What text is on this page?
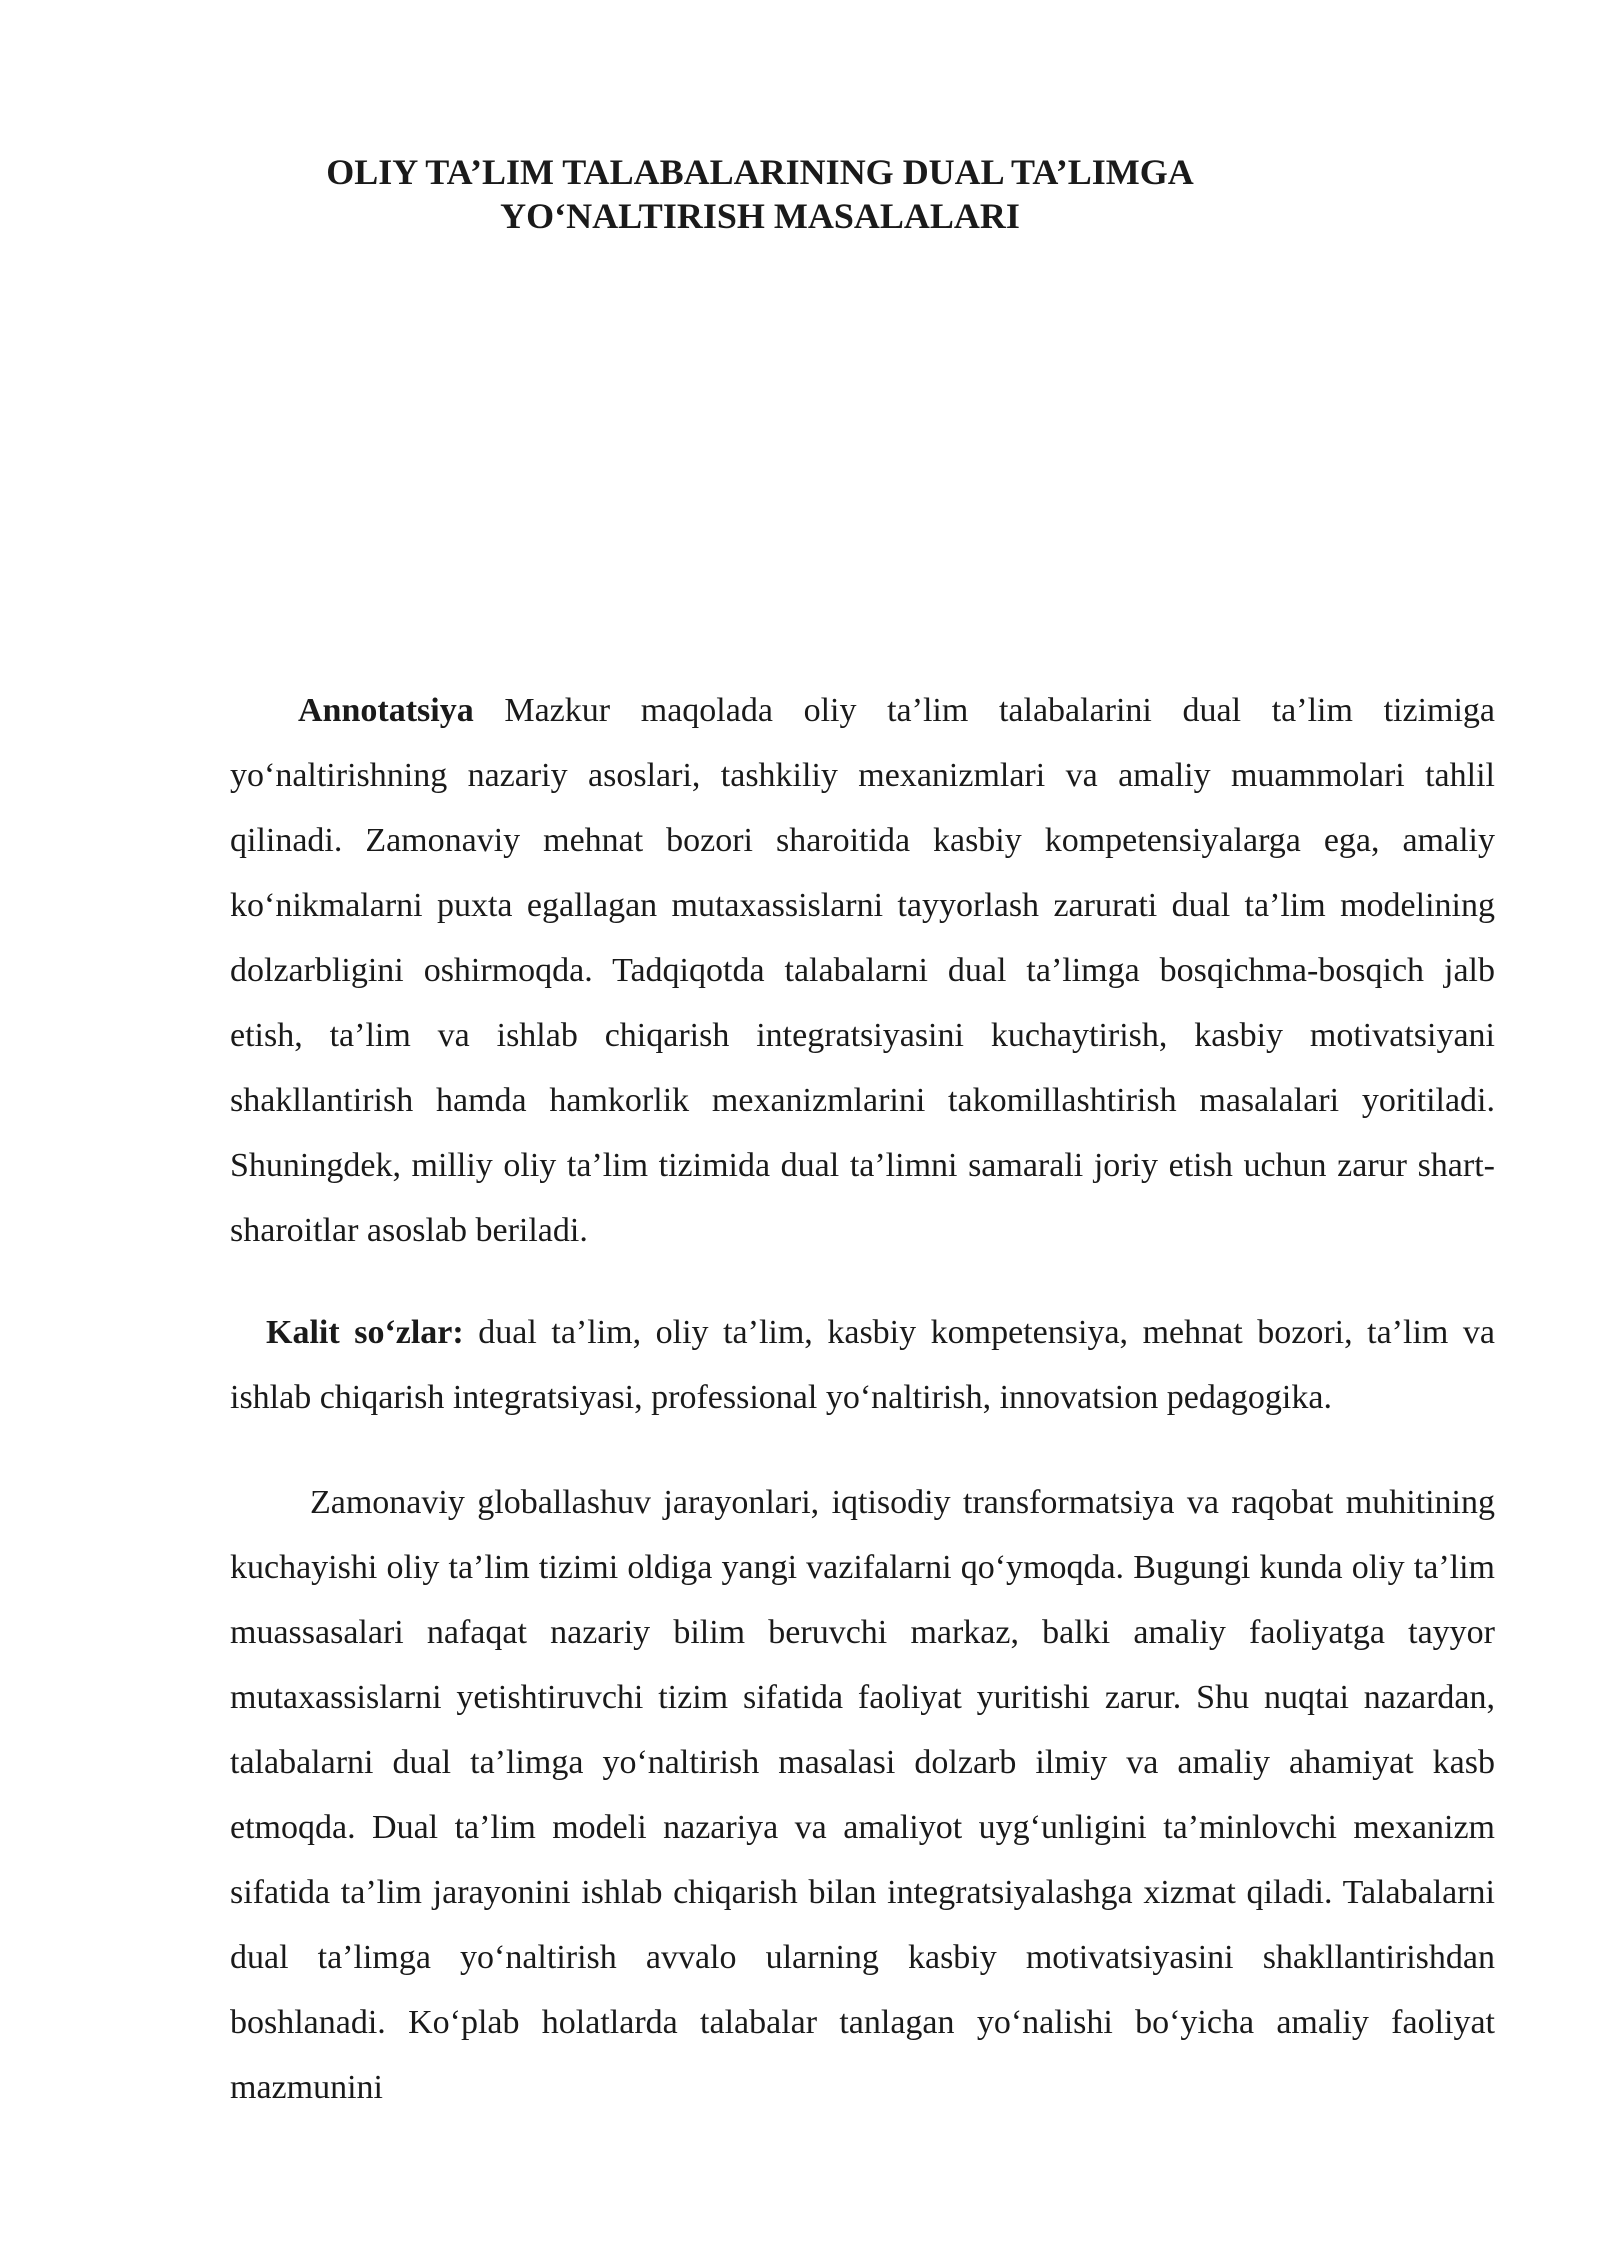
OLIY TA’LIM TALABALARINING DUAL TA’LIMGA YO‘NALTIRISH MASALALARI

Annotatsiya Mazkur maqolada oliy ta’lim talabalarini dual ta’lim tizimiga yo‘naltirishning nazariy asoslari, tashkiliy mexanizmlari va amaliy muammolari tahlil qilinadi. Zamonaviy mehnat bozori sharoitida kasbiy kompetensiyalarga ega, amaliy ko‘nikmalarni puxta egallagan mutaxassislarni tayyorlash zarurati dual ta’lim modelining dolzarbligini oshirmoqda. Tadqiqotda talabalarni dual ta’limga bosqichma-bosqich jalb etish, ta’lim va ishlab chiqarish integratsiyasini kuchaytirish, kasbiy motivatsiyani shakllantirish hamda hamkorlik mexanizmlarini takomillashtirish masalalari yoritiladi. Shuningdek, milliy oliy ta’lim tizimida dual ta’limni samarali joriy etish uchun zarur shart-sharoitlar asoslab beriladi.

Kalit so‘zlar: dual ta’lim, oliy ta’lim, kasbiy kompetensiya, mehnat bozori, ta’lim va ishlab chiqarish integratsiyasi, professional yo‘naltirish, innovatsion pedagogika.

Zamonaviy globallashuv jarayonlari, iqtisodiy transformatsiya va raqobat muhitining kuchayishi oliy ta’lim tizimi oldiga yangi vazifalarni qo‘ymoqda. Bugungi kunda oliy ta’lim muassasalari nafaqat nazariy bilim beruvchi markaz, balki amaliy faoliyatga tayyor mutaxassislarni yetishtiruvchi tizim sifatida faoliyat yuritishi zarur. Shu nuqtai nazardan, talabalarni dual ta’limga yo‘naltirish masalasi dolzarb ilmiy va amaliy ahamiyat kasb etmoqda. Dual ta’lim modeli nazariya va amaliyot uyg‘unligini ta’minlovchi mexanizm sifatida ta’lim jarayonini ishlab chiqarish bilan integratsiyalashga xizmat qiladi. Talabalarni dual ta’limga yo‘naltirish avvalo ularning kasbiy motivatsiyasini shakllantirishdan boshlanadi. Ko‘plab holatlarda talabalar tanlagan yo‘nalishi bo‘yicha amaliy faoliyat mazmunini
